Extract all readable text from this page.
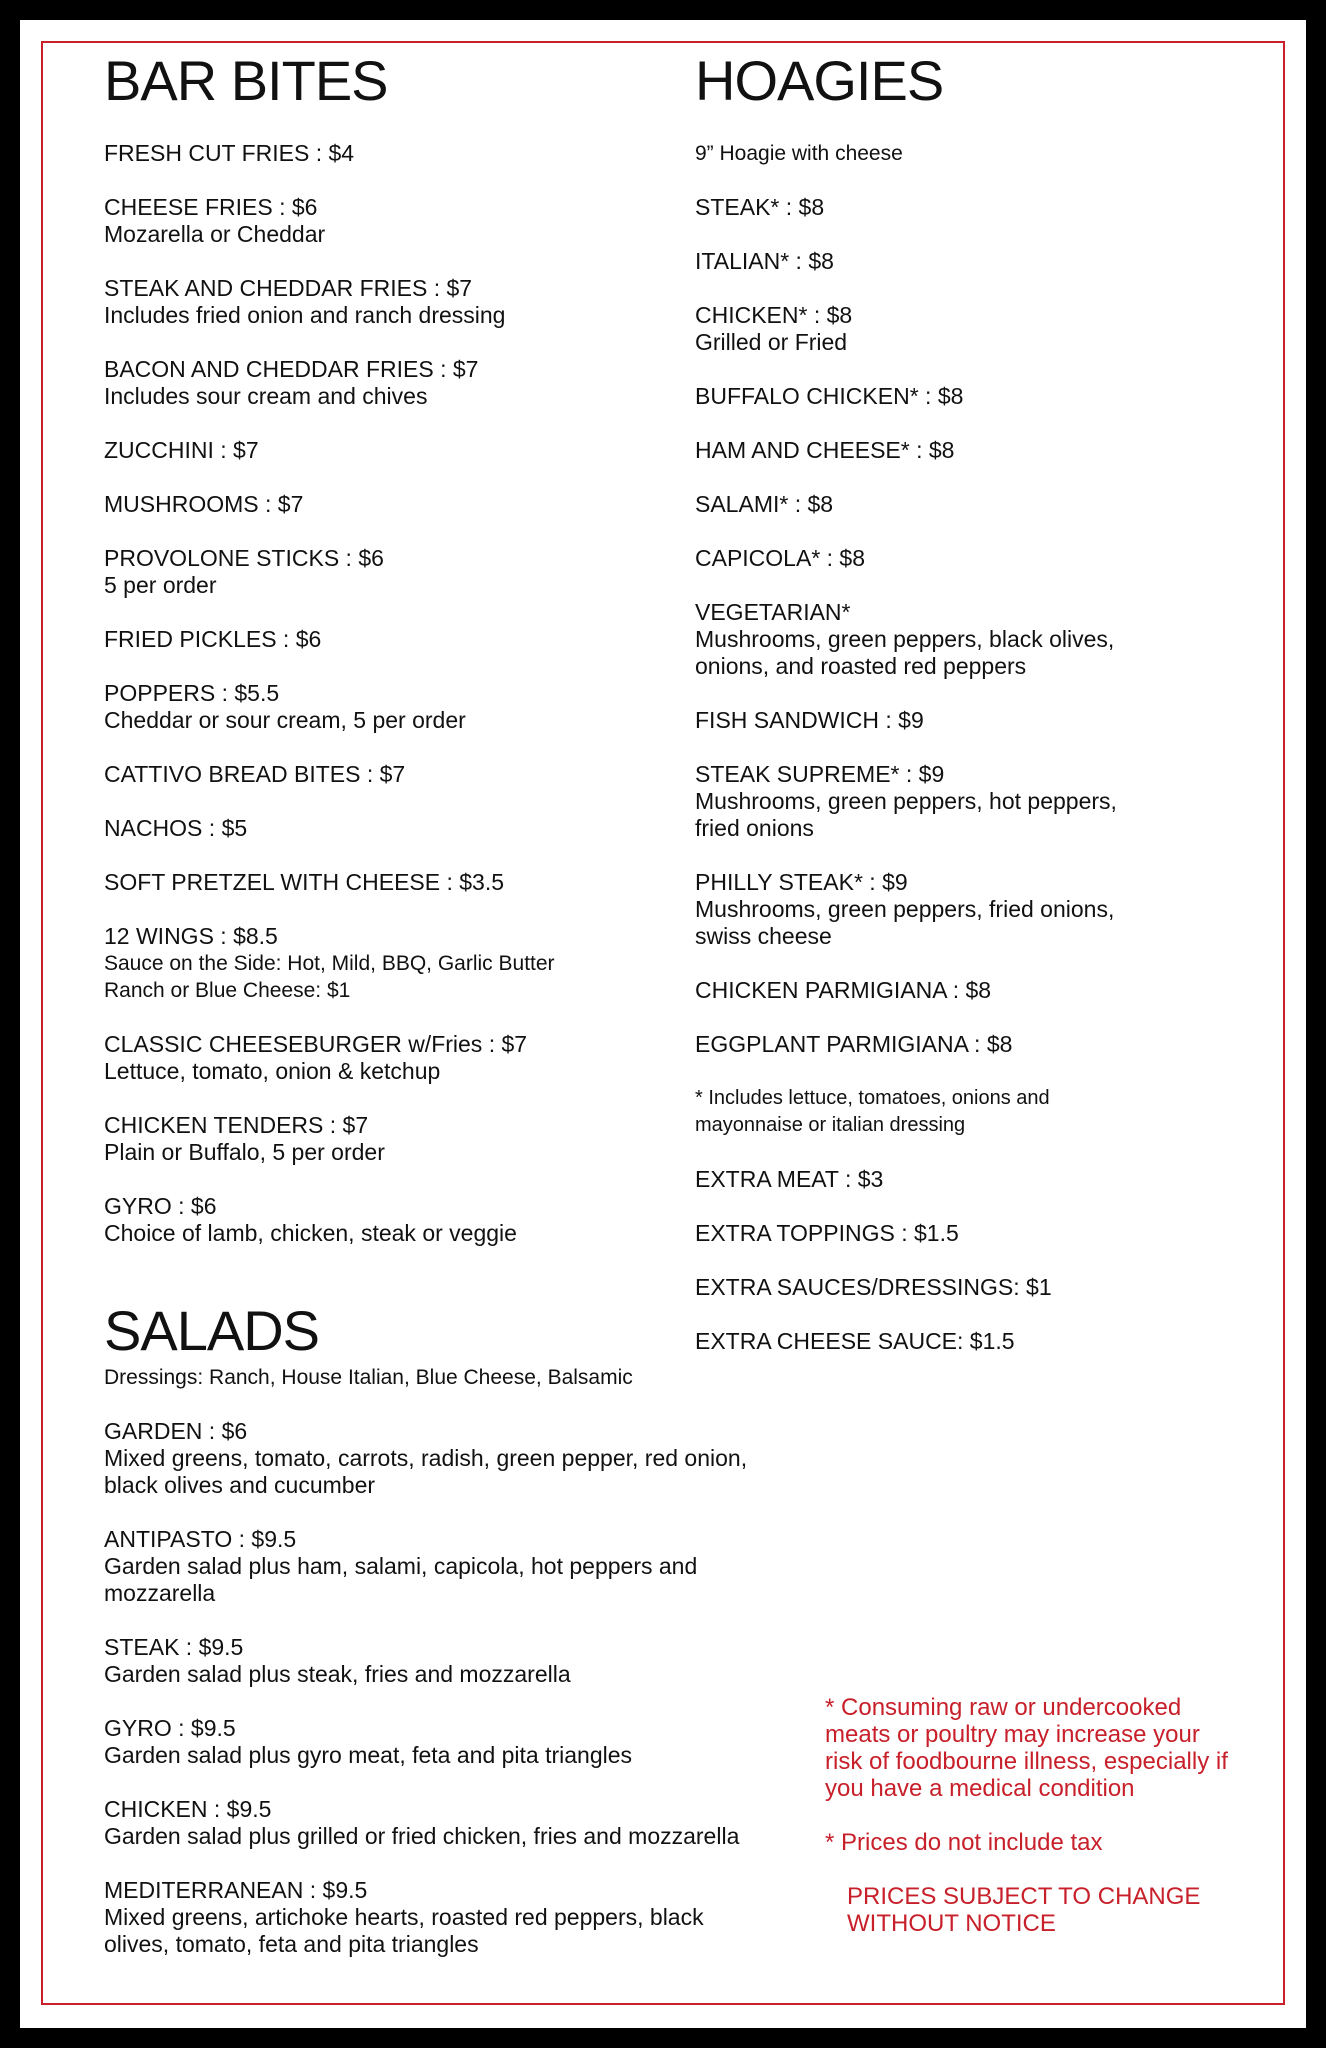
BAR BITES
FRESH CUT FRIES : $4
CHEESE FRIES : $6
Mozarella or Cheddar
STEAK AND CHEDDAR FRIES : $7
Includes fried onion and ranch dressing
BACON AND CHEDDAR FRIES : $7
Includes sour cream and chives
ZUCCHINI : $7
MUSHROOMS : $7
PROVOLONE STICKS : $6
5 per order
FRIED PICKLES : $6
POPPERS : $5.5
Cheddar or sour cream, 5 per order
CATTIVO BREAD BITES : $7
NACHOS : $5
SOFT PRETZEL WITH CHEESE : $3.5
12 WINGS : $8.5
Sauce on the Side: Hot, Mild, BBQ, Garlic Butter
Ranch or Blue Cheese: $1
CLASSIC CHEESEBURGER w/Fries : $7
Lettuce, tomato, onion & ketchup
CHICKEN TENDERS : $7
Plain or Buffalo, 5 per order
GYRO : $6
Choice of lamb, chicken, steak or veggie
HOAGIES
9” Hoagie with cheese
STEAK* : $8
ITALIAN* : $8
CHICKEN* : $8
Grilled or Fried
BUFFALO CHICKEN* : $8
HAM AND CHEESE* : $8
SALAMI* : $8
CAPICOLA* : $8
VEGETARIAN*
Mushrooms, green peppers, black olives,
onions, and roasted red peppers
FISH SANDWICH : $9
STEAK SUPREME* : $9
Mushrooms, green peppers, hot peppers,
fried onions
PHILLY STEAK* : $9
Mushrooms, green peppers, fried onions,
swiss cheese
CHICKEN PARMIGIANA : $8
EGGPLANT PARMIGIANA : $8
* Includes lettuce, tomatoes, onions and
mayonnaise or italian dressing
EXTRA MEAT : $3
EXTRA TOPPINGS : $1.5
EXTRA SAUCES/DRESSINGS: $1
EXTRA CHEESE SAUCE: $1.5
SALADS
Dressings: Ranch, House Italian, Blue Cheese, Balsamic
GARDEN : $6
Mixed greens, tomato, carrots, radish, green pepper, red onion,
black olives and cucumber
ANTIPASTO : $9.5
Garden salad plus ham, salami, capicola, hot peppers and
mozzarella
STEAK : $9.5
Garden salad plus steak, fries and mozzarella
GYRO : $9.5
Garden salad plus gyro meat, feta and pita triangles
CHICKEN : $9.5
Garden salad plus grilled or fried chicken, fries and mozzarella
MEDITERRANEAN : $9.5
Mixed greens, artichoke hearts, roasted red peppers, black
olives, tomato, feta and pita triangles
* Consuming raw or undercooked
meats or poultry may increase your
risk of foodbourne illness, especially if
you have a medical condition
* Prices do not include tax
PRICES SUBJECT TO CHANGE
WITHOUT NOTICE
